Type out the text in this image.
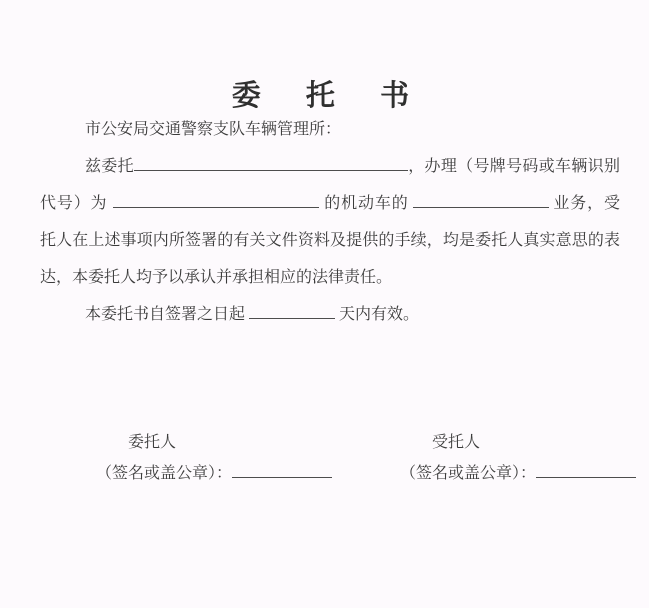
委　托　书

市公安局交通警察支队车辆管理所：

兹委托	，办理（号牌号码或车辆识别代号）为	的机动车的	业务，受托人在上述事项内所签署的有关文件资料及提供的手续，均是委托人真实意思的表达，本委托人均予以承认并承担相应的法律责任。

本委托书自签署之日起	天内有效。

委托人
（签名或盖公章）：
受托人
（签名或盖公章）：
